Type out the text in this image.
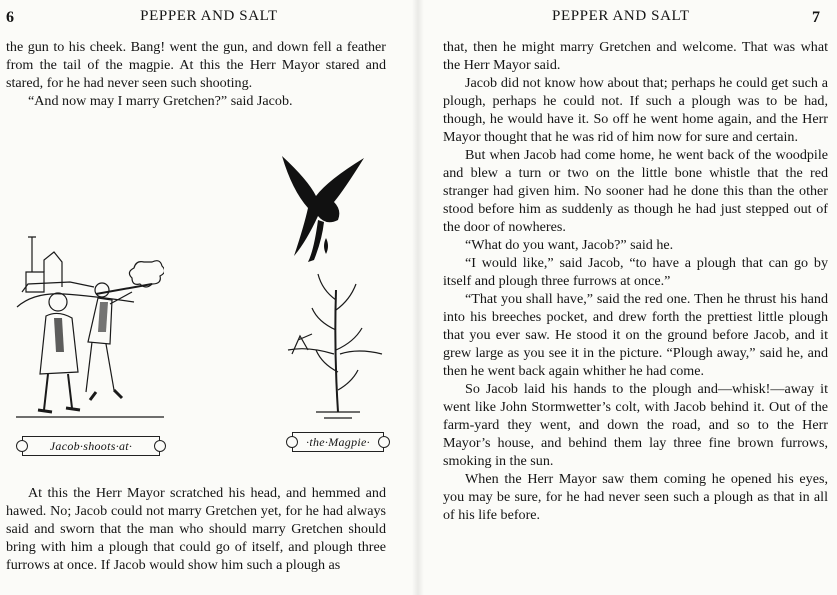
6	PEPPER AND SALT

the gun to his cheek. Bang! went the gun, and down fell a feather from the tail of the magpie. At this the Herr Mayor stared and stared, for he had never seen such shooting.

“And now may I marry Gretchen?” said Jacob.

Jacob·shoots·at·	·the·Magpie·

At this the Herr Mayor scratched his head, and hemmed and hawed. No; Jacob could not marry Gretchen yet, for he had always said and sworn that the man who should marry Gretchen should bring with him a plough that could go of itself, and plough three furrows at once. If Jacob would show him such a plough as

PEPPER AND SALT	7

that, then he might marry Gretchen and welcome. That was what the Herr Mayor said.

Jacob did not know how about that; perhaps he could get such a plough, perhaps he could not. If such a plough was to be had, though, he would have it. So off he went home again, and the Herr Mayor thought that he was rid of him now for sure and certain.

But when Jacob had come home, he went back of the woodpile and blew a turn or two on the little bone whistle that the red stranger had given him. No sooner had he done this than the other stood before him as suddenly as though he had just stepped out of the door of nowheres.

“What do you want, Jacob?” said he.

“I would like,” said Jacob, “to have a plough that can go by itself and plough three furrows at once.”

“That you shall have,” said the red one. Then he thrust his hand into his breeches pocket, and drew forth the prettiest little plough that you ever saw. He stood it on the ground before Jacob, and it grew large as you see it in the picture. “Plough away,” said he, and then he went back again whither he had come.

So Jacob laid his hands to the plough and—whisk!—away it went like John Stormwetter’s colt, with Jacob behind it. Out of the farm-yard they went, and down the road, and so to the Herr Mayor’s house, and behind them lay three fine brown furrows, smoking in the sun.

When the Herr Mayor saw them coming he opened his eyes, you may be sure, for he had never seen such a plough as that in all of his life before.
